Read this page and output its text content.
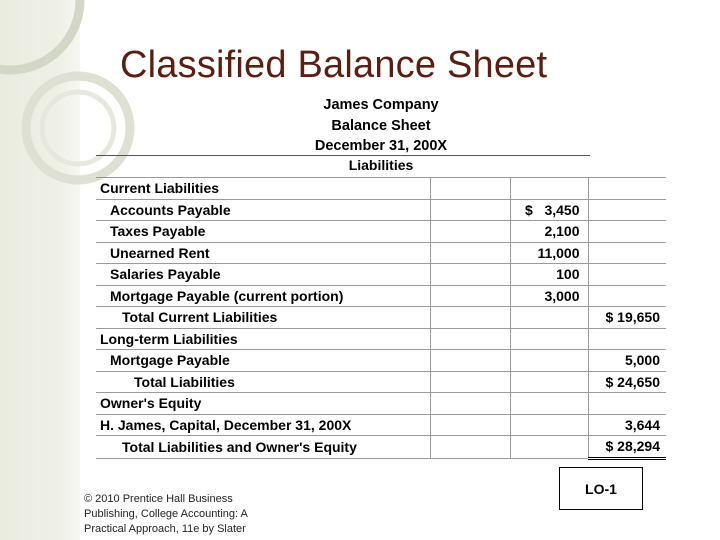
Classified Balance Sheet
James Company
Balance Sheet
December 31, 200X
Liabilities
Current Liabilities			
Accounts Payable		$   3,450	
Taxes Payable		2,100	
Unearned Rent		11,000	
Salaries Payable		100	
Mortgage Payable (current portion)		3,000	
Total Current Liabilities			$ 19,650
Long-term Liabilities			
Mortgage Payable			5,000
Total Liabilities			$ 24,650
Owner's Equity			
H. James, Capital, December 31, 200X			3,644
Total Liabilities and Owner's Equity			$ 28,294
© 2010 Prentice Hall Business Publishing, College Accounting: A Practical Approach, 11e by Slater
LO-1
